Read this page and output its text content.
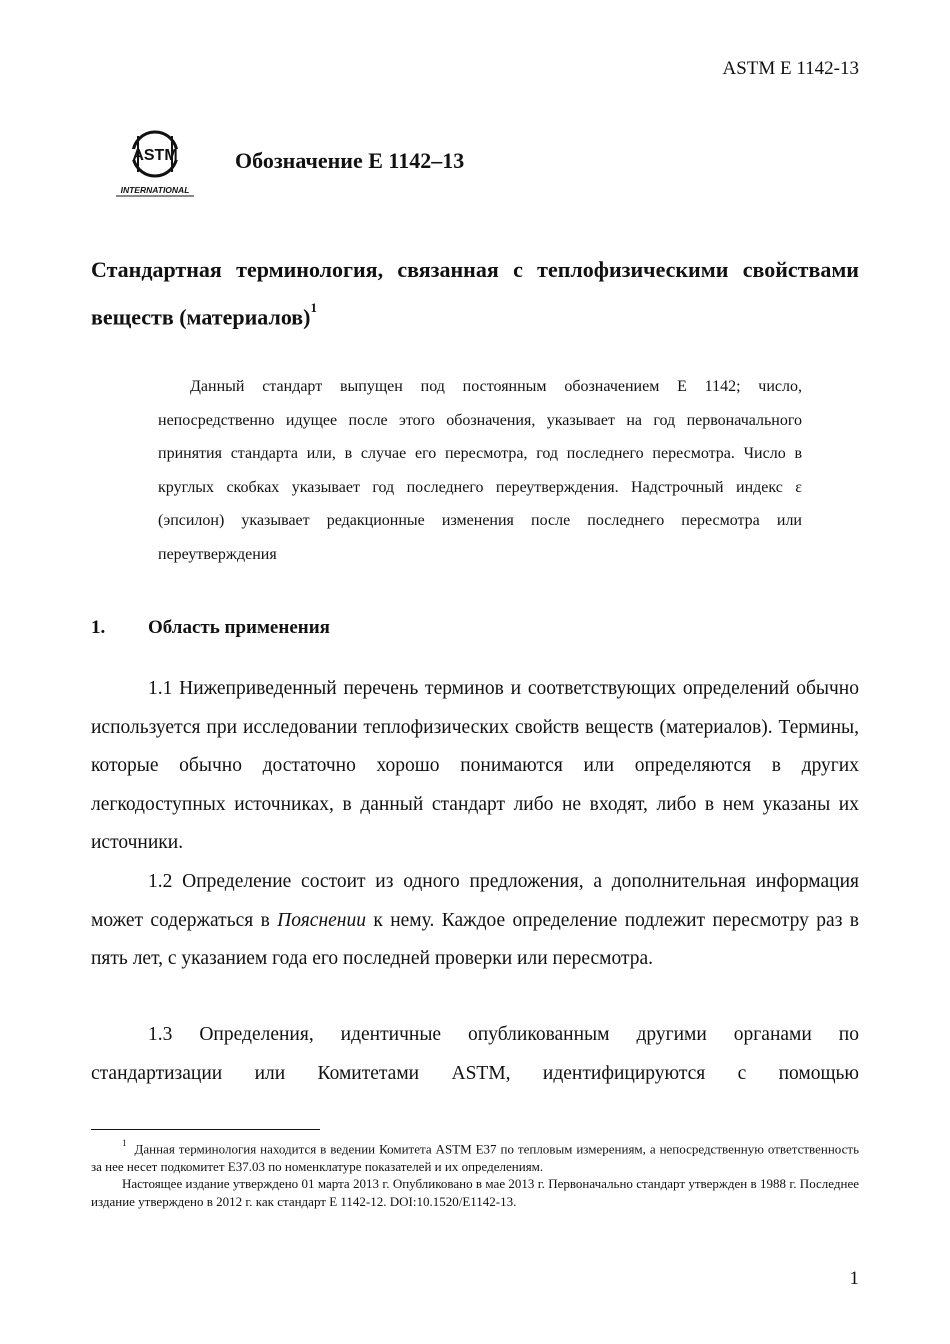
ASTM E 1142-13
ASTM
INTERNATIONAL
Обозначение E 1142–13
Стандартная терминология, связанная с теплофизическими свойствами веществ (материалов)$^1$
Данный стандарт выпущен под постоянным обозначением E 1142; число, непосредственно идущее после этого обозначения, указывает на год первоначального принятия стандарта или, в случае его пересмотра, год последнего пересмотра. Число в круглых скобках указывает год последнего переутверждения. Надстрочный индекс ε (эпсилон) указывает редакционные изменения после последнего пересмотра или переутверждения
1. Область применения

1.1 Нижеприведенный перечень терминов и соответствующих определений обычно используется при исследовании теплофизических свойств веществ (материалов). Термины, которые обычно достаточно хорошо понимаются или определяются в других легкодоступных источниках, в данный стандарт либо не входят, либо в нем указаны их источники.

1.2 Определение состоит из одного предложения, а дополнительная информация может содержаться в Пояснении к нему. Каждое определение подлежит пересмотру раз в пять лет, с указанием года его последней проверки или пересмотра.

1.3 Определения, идентичные опубликованным другими органами по стандартизации или Комитетами ASTM, идентифицируются с помощью

$^1$ Данная терминология находится в ведении Комитета ASTM E37 по тепловым измерениям, а непосредственную ответственность за нее несет подкомитет E37.03 по номенклатуре показателей и их определениям.

Настоящее издание утверждено 01 марта 2013 г. Опубликовано в мае 2013 г. Первоначально стандарт утвержден в 1988 г. Последнее издание утверждено в 2012 г. как стандарт E 1142-12. DOI:10.1520/E1142-13.

1
